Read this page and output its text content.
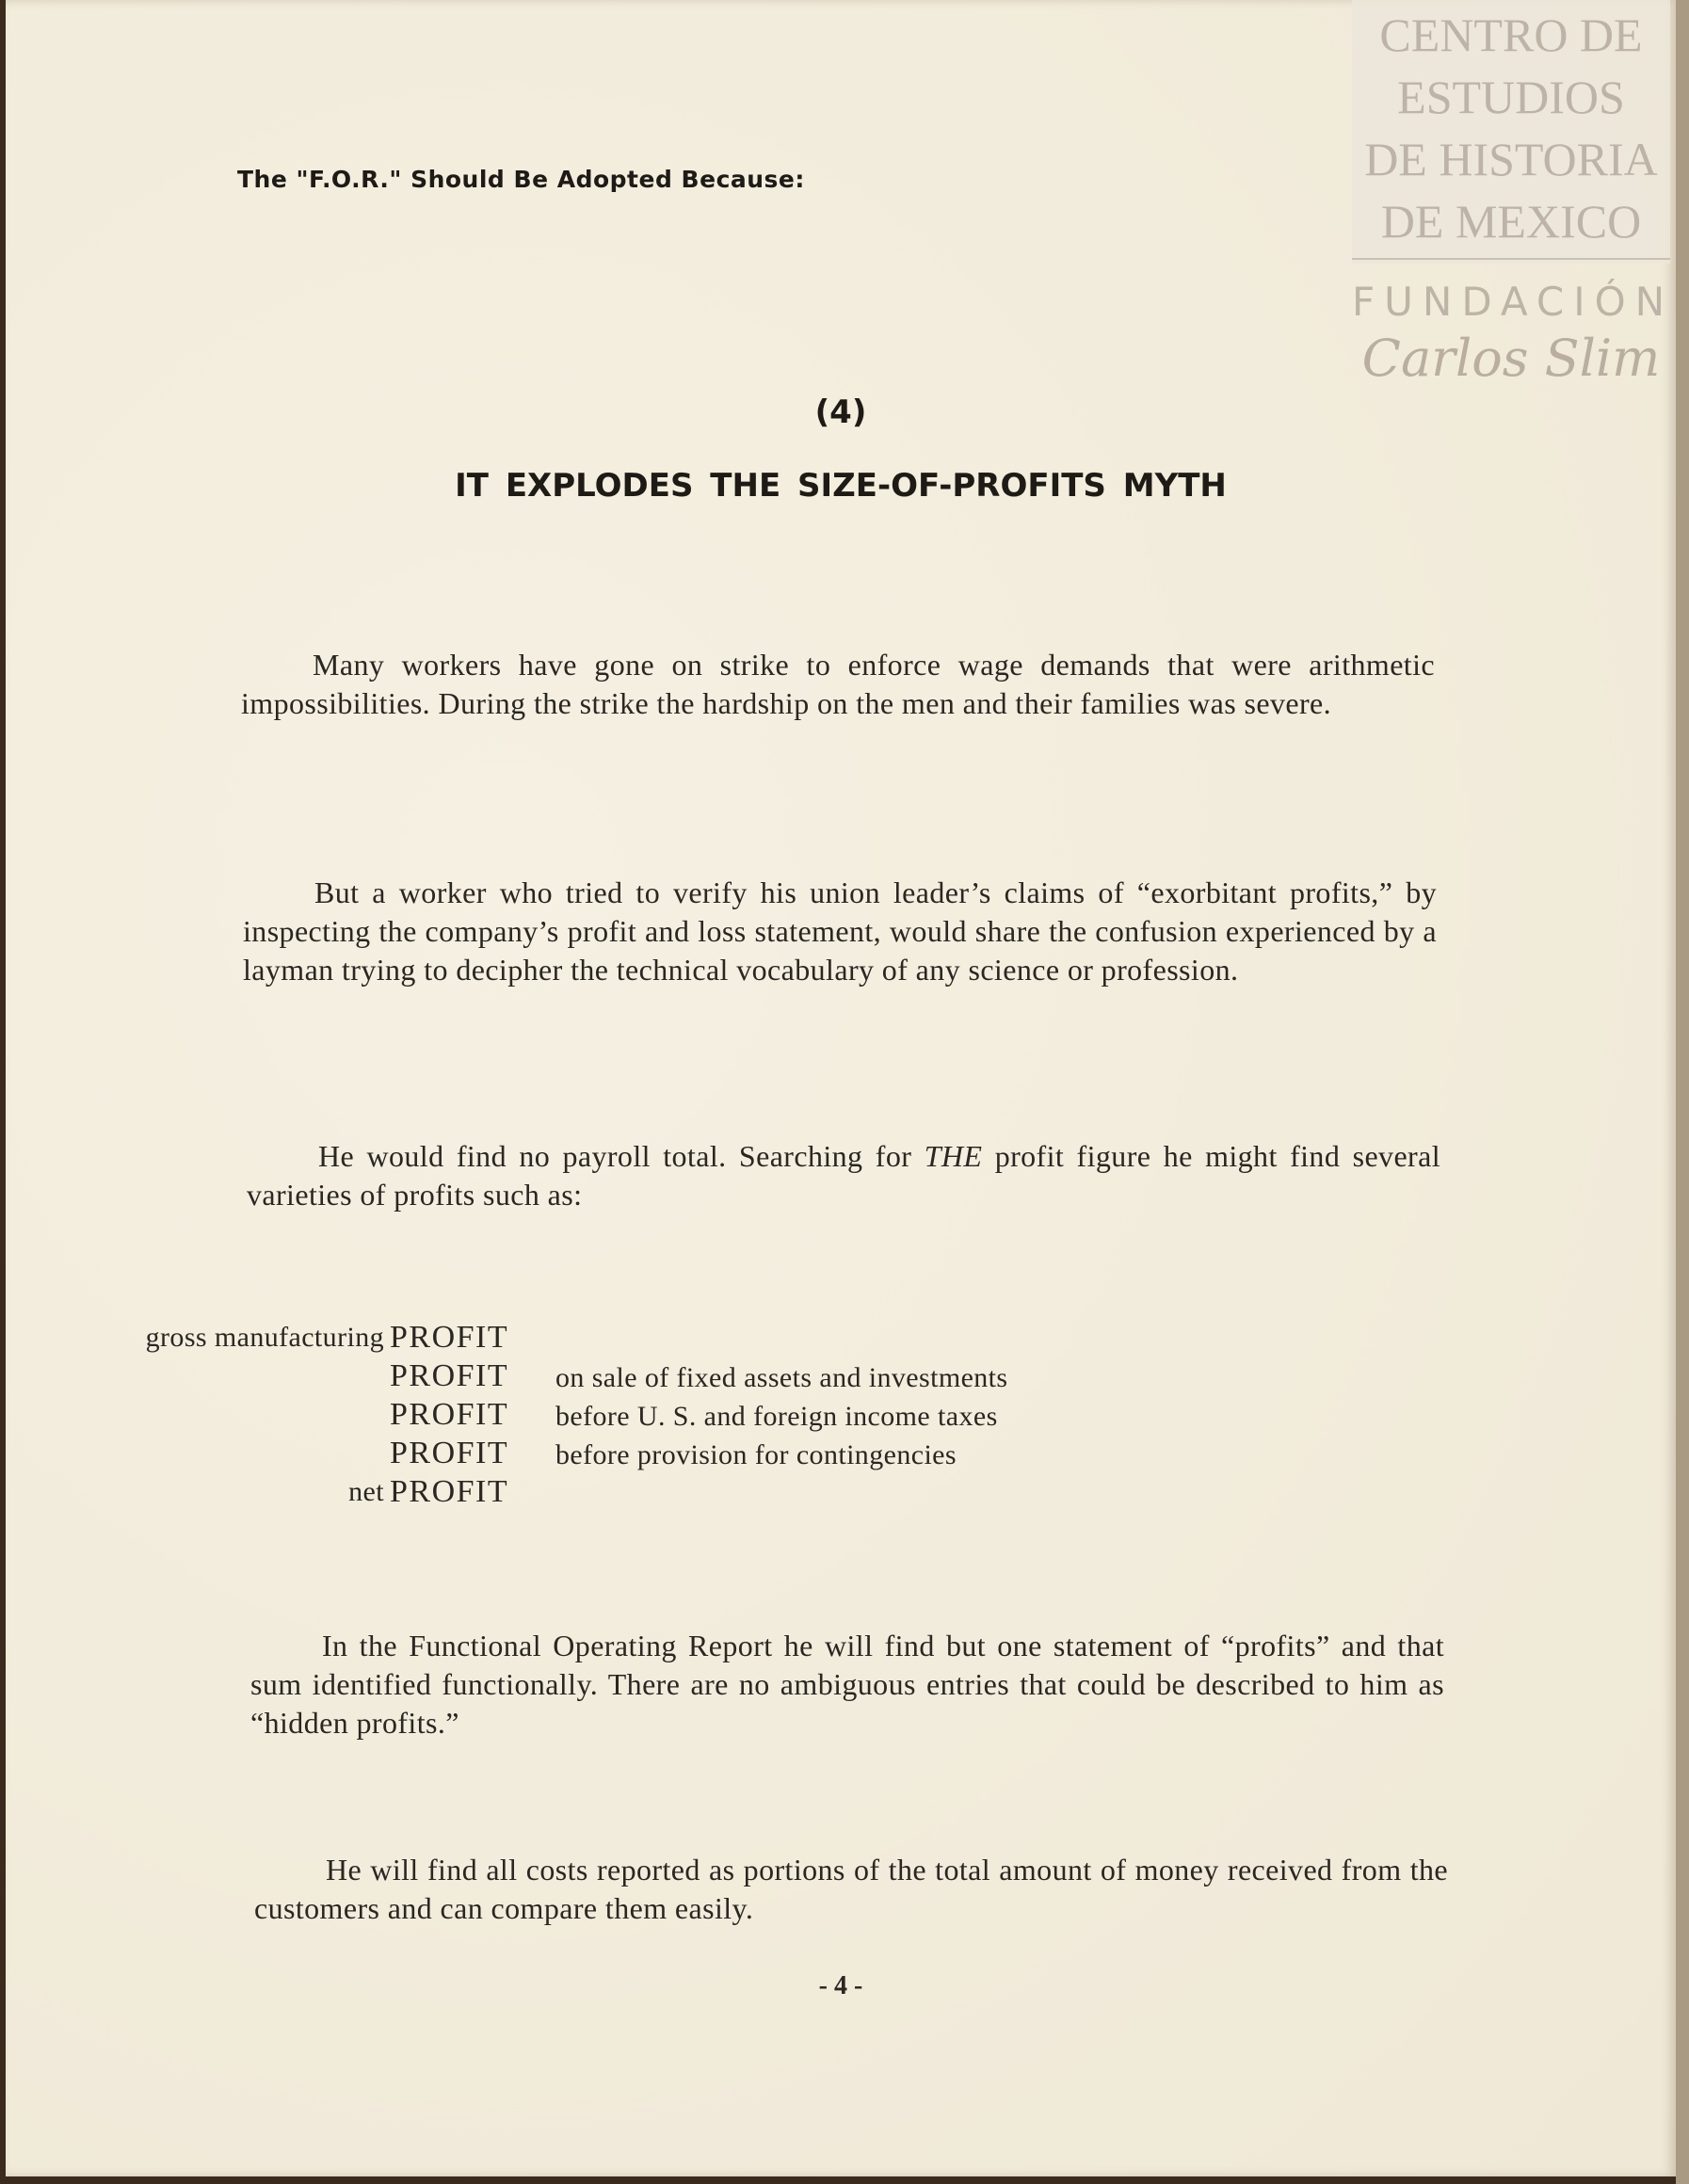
The "F.O.R." Should Be Adopted Because:
(4)
IT EXPLODES THE SIZE-OF-PROFITS MYTH

Many workers have gone on strike to enforce wage demands that were arithmetic impossibilities. During the strike the hardship on the men and their families was severe.

But a worker who tried to verify his union leader’s claims of “exorbitant profits,” by inspecting the company’s profit and loss statement, would share the confusion experienced by a layman trying to decipher the technical vocabulary of any science or profession.

He would find no payroll total. Searching for THE profit figure he might find several varieties of profits such as:

gross manufacturing PROFIT
PROFIT on sale of fixed assets and investments
PROFIT before U. S. and foreign income taxes
PROFIT before provision for contingencies
net PROFIT

In the Functional Operating Report he will find but one statement of “profits” and that sum identified functionally. There are no ambiguous entries that could be described to him as “hidden profits.”

He will find all costs reported as portions of the total amount of money received from the customers and can compare them easily.

- 4 -
CENTRO DE
ESTUDIOS
DE HISTORIA
DE MEXICO
FUNDACIÓN
Carlos Slim
